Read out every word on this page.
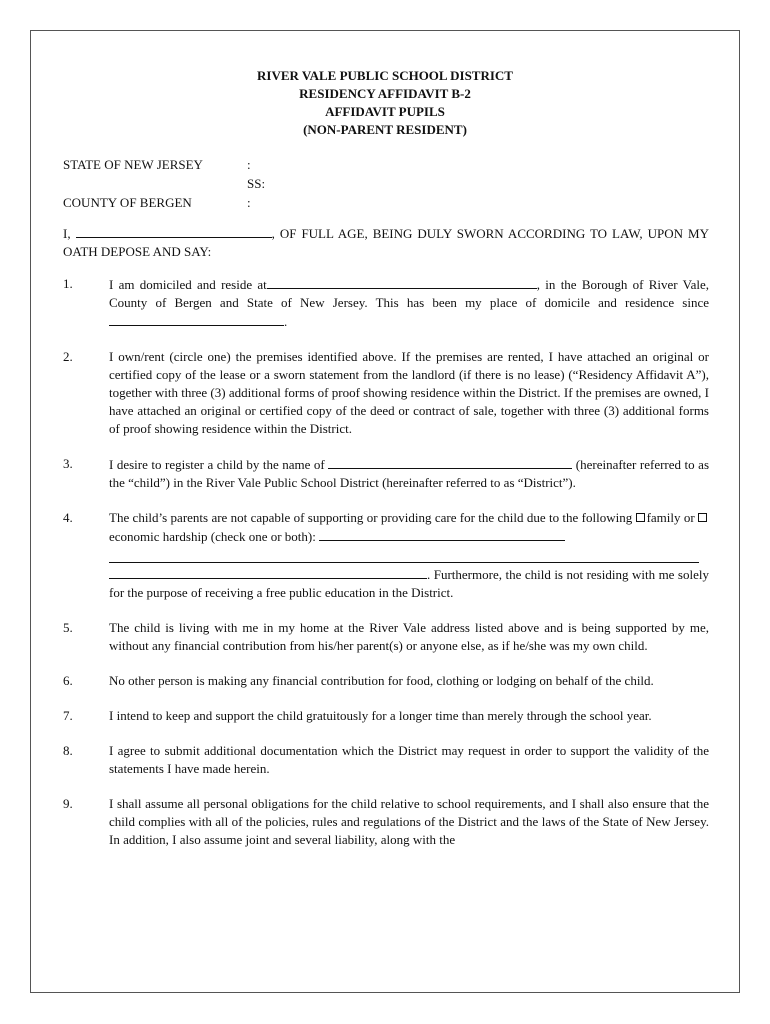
RIVER VALE PUBLIC SCHOOL DISTRICT
RESIDENCY AFFIDAVIT B-2
AFFIDAVIT PUPILS
(NON-PARENT RESIDENT)
STATE OF NEW JERSEY	:
SS:
COUNTY OF BERGEN	:
I,	, OF FULL AGE, BEING DULY SWORN ACCORDING TO LAW, UPON MY OATH DEPOSE AND SAY:
1.	I am domiciled and reside at	, in the Borough of River Vale, County of Bergen and State of New Jersey. This has been my place of domicile and residence since.
2.	I own/rent (circle one) the premises identified above. If the premises are rented, I have attached an original or certified copy of the lease or a sworn statement from the landlord (if there is no lease) (“Residency Affidavit A”), together with three (3) additional forms of proof showing residence within the District. If the premises are owned, I have attached an original or certified copy of the deed or contract of sale, together with three (3) additional forms of proof showing residence within the District.
3.	I desire to register a child by the name of	(hereinafter referred to as the “child”) in the River Vale Public School District (hereinafter referred to as “District”).
4.	The child’s parents are not capable of supporting or providing care for the child due to the following family or economic hardship (check one or both):
. Furthermore, the child is not residing with me solely for the purpose of receiving a free public education in the District.
5.	The child is living with me in my home at the River Vale address listed above and is being supported by me, without any financial contribution from his/her parent(s) or anyone else, as if he/she was my own child.
6.	No other person is making any financial contribution for food, clothing or lodging on behalf of the child.
7.	I intend to keep and support the child gratuitously for a longer time than merely through the school year.
8.	I agree to submit additional documentation which the District may request in order to support the validity of the statements I have made herein.
9.	I shall assume all personal obligations for the child relative to school requirements, and I shall also ensure that the child complies with all of the policies, rules and regulations of the District and the laws of the State of New Jersey. In addition, I also assume joint and several liability, along with the
